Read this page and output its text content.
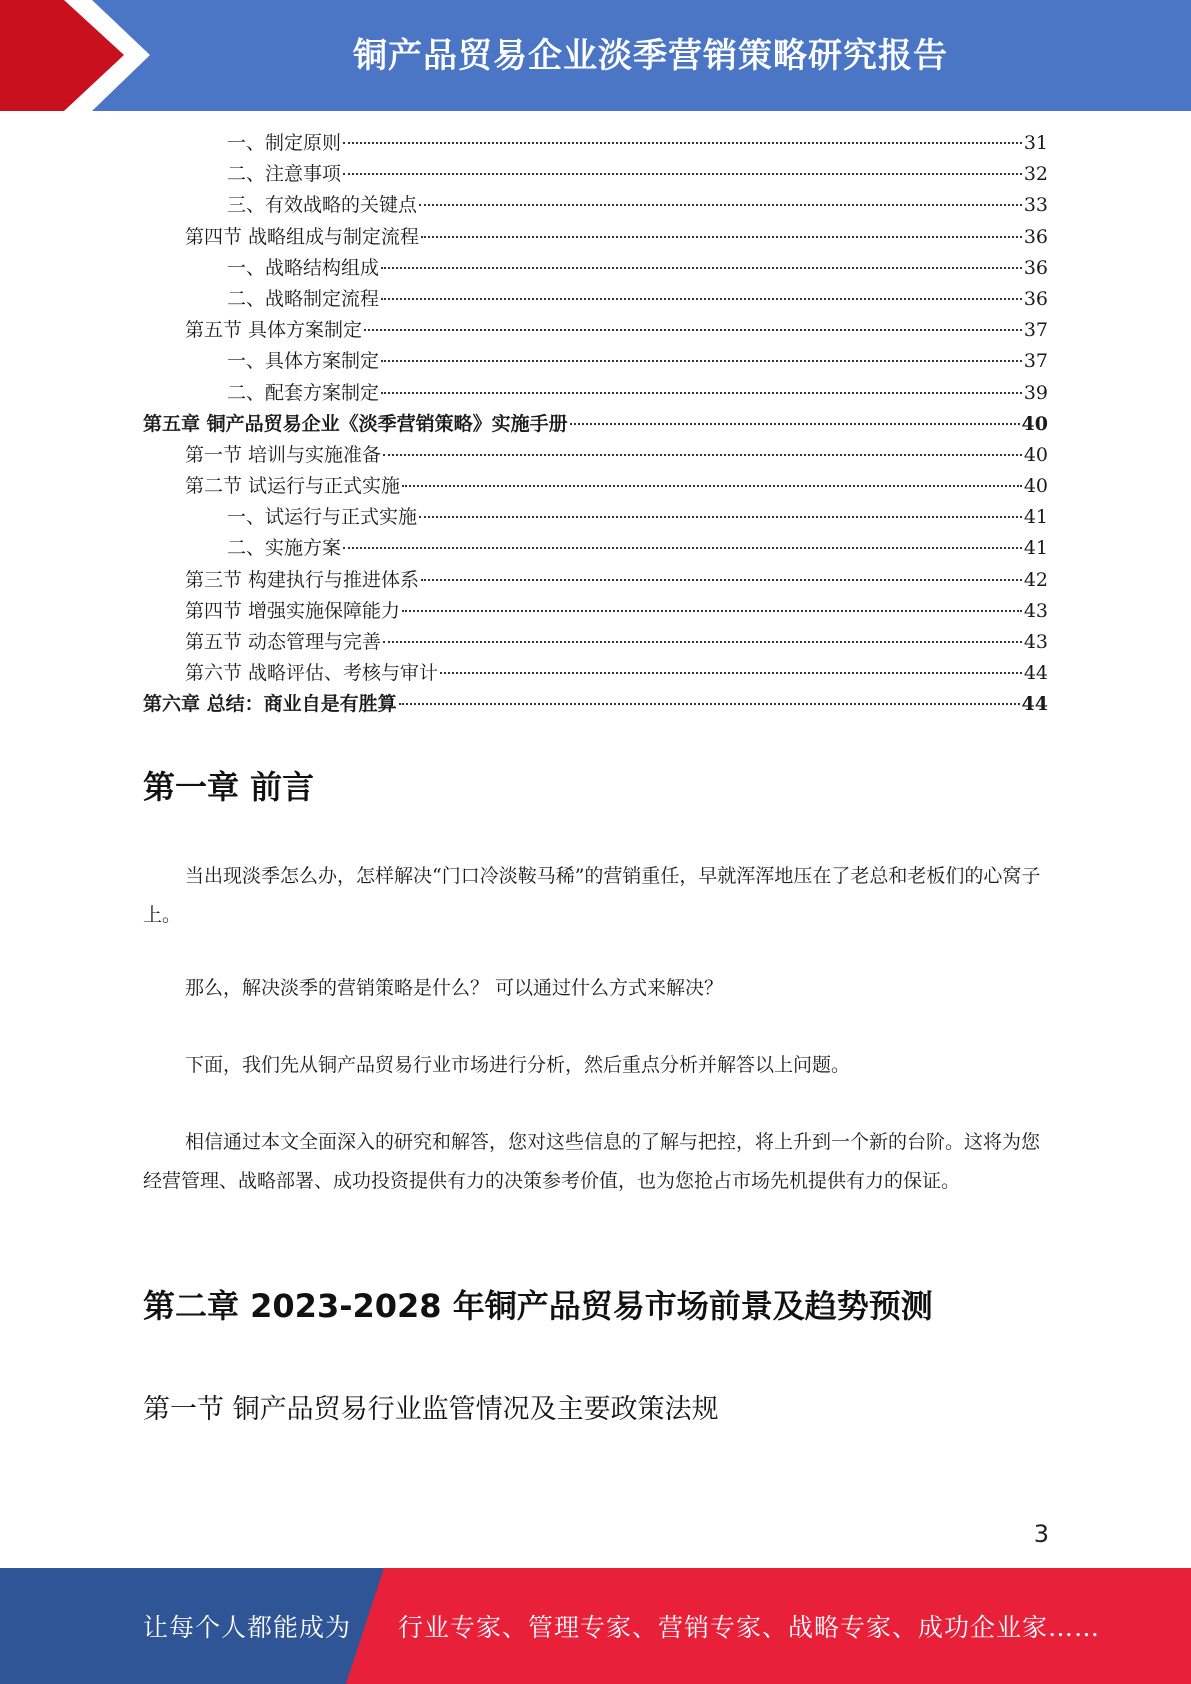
铜产品贸易企业淡季营销策略研究报告
一、制定原则	31
二、注意事项	32
三、有效战略的关键点	33
第四节 战略组成与制定流程	36
一、战略结构组成	36
二、战略制定流程	36
第五节 具体方案制定	37
一、具体方案制定	37
二、配套方案制定	39
第五章 铜产品贸易企业《淡季营销策略》实施手册	40
第一节 培训与实施准备	40
第二节 试运行与正式实施	40
一、试运行与正式实施	41
二、实施方案	41
第三节 构建执行与推进体系	42
第四节 增强实施保障能力	43
第五节 动态管理与完善	43
第六节 战略评估、考核与审计	44
第六章 总结：商业自是有胜算	44
第一章 前言

当出现淡季怎么办，怎样解决“门口冷淡鞍马稀”的营销重任，早就浑浑地压在了老总和老板们的心窝子上。

那么，解决淡季的营销策略是什么？ 可以通过什么方式来解决？

下面，我们先从铜产品贸易行业市场进行分析，然后重点分析并解答以上问题。

相信通过本文全面深入的研究和解答，您对这些信息的了解与把控，将上升到一个新的台阶。这将为您经营管理、战略部署、成功投资提供有力的决策参考价值，也为您抢占市场先机提供有力的保证。

第二章 2023-2028 年铜产品贸易市场前景及趋势预测
第一节 铜产品贸易行业监管情况及主要政策法规
3
让每个人都能成为 行业专家、管理专家、营销专家、战略专家、成功企业家……
